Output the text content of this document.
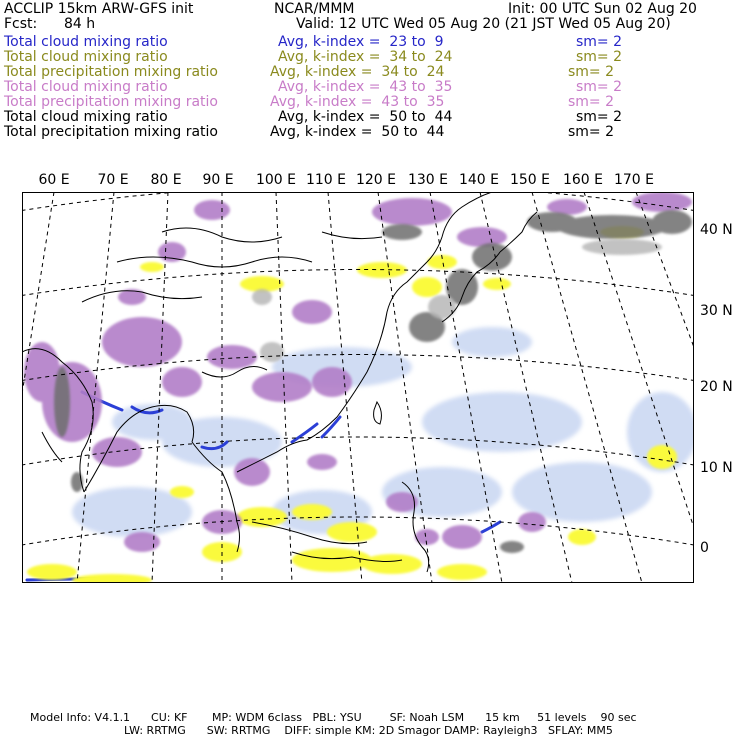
ACCLIP 15km ARW-GFS init	NCAR/MMM	Init: 00 UTC Sun 02 Aug 20
Fcst: 84 h	Valid: 12 UTC Wed 05 Aug 20 (21 JST Wed 05 Aug 20)
Total cloud mixing ratio	Avg, k-index =  23 to  9	sm= 2
Total cloud mixing ratio	Avg, k-index =  34 to  24	sm= 2
Total precipitation mixing ratio	Avg, k-index =  34 to  24	sm= 2
Total cloud mixing ratio	Avg, k-index =  43 to  35	sm= 2
Total precipitation mixing ratio	Avg, k-index =  43 to  35	sm= 2
Total cloud mixing ratio	Avg, k-index =  50 to  44	sm= 2
Total precipitation mixing ratio	Avg, k-index =  50 to  44	sm= 2
60 E 70 E 80 E 90 E 100 E 110 E 120 E 130 E 140 E 150 E 160 E 170 E
40 N
30 N
20 N
10 N
0
Model Info: V4.1.1      CU: KF       MP: WDM 6class   PBL: YSU        SF: Noah LSM      15 km     51 levels    90 sec
LW: RRTMG      SW: RRTMG    DIFF: simple KM: 2D Smagor DAMP: Rayleigh3   SFLAY: MM5
